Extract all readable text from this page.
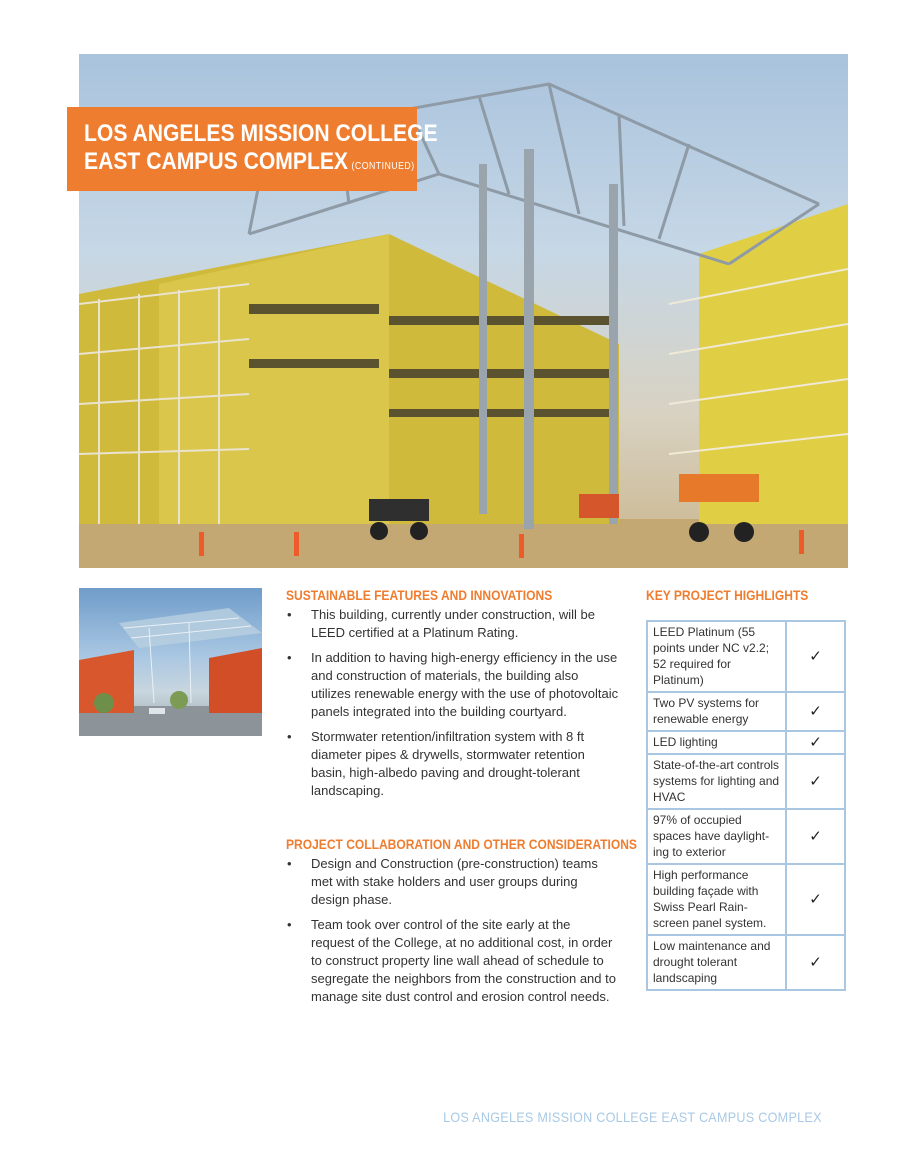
LOS ANGELES MISSION COLLEGE
EAST CAMPUS COMPLEX (CONTINUED)
SUSTAINABLE FEATURES AND INNOVATIONS
• This building, currently under construction, will be LEED certified at a Platinum Rating.
• In addition to having high-energy efficiency in the use and construction of materials, the building also utilizes renewable energy with the use of photovoltaic panels integrated into the building courtyard.
• Stormwater retention/infiltration system with 8 ft diameter pipes & drywells, stormwater retention basin, high-albedo paving and drought-tolerant landscaping.
PROJECT COLLABORATION AND OTHER CONSIDERATIONS
• Design and Construction (pre-construction) teams met with stake holders and user groups during design phase.
• Team took over control of the site early at the request of the College, at no additional cost, in order to construct property line wall ahead of schedule to segregate the neighbors from the construction and to manage site dust control and erosion control needs.
KEY PROJECT HIGHLIGHTS
LEED Platinum (55 points under NC v2.2; 52 required for Platinum)	✓
Two PV systems for renewable energy	✓
LED lighting	✓
State-of-the-art controls systems for lighting and HVAC	✓
97% of occupied spaces have daylight-ing to exterior	✓
High performance building façade with Swiss Pearl Rain-screen panel system.	✓
Low maintenance and drought tolerant landscaping	✓
LOS ANGELES MISSION COLLEGE EAST CAMPUS COMPLEX
